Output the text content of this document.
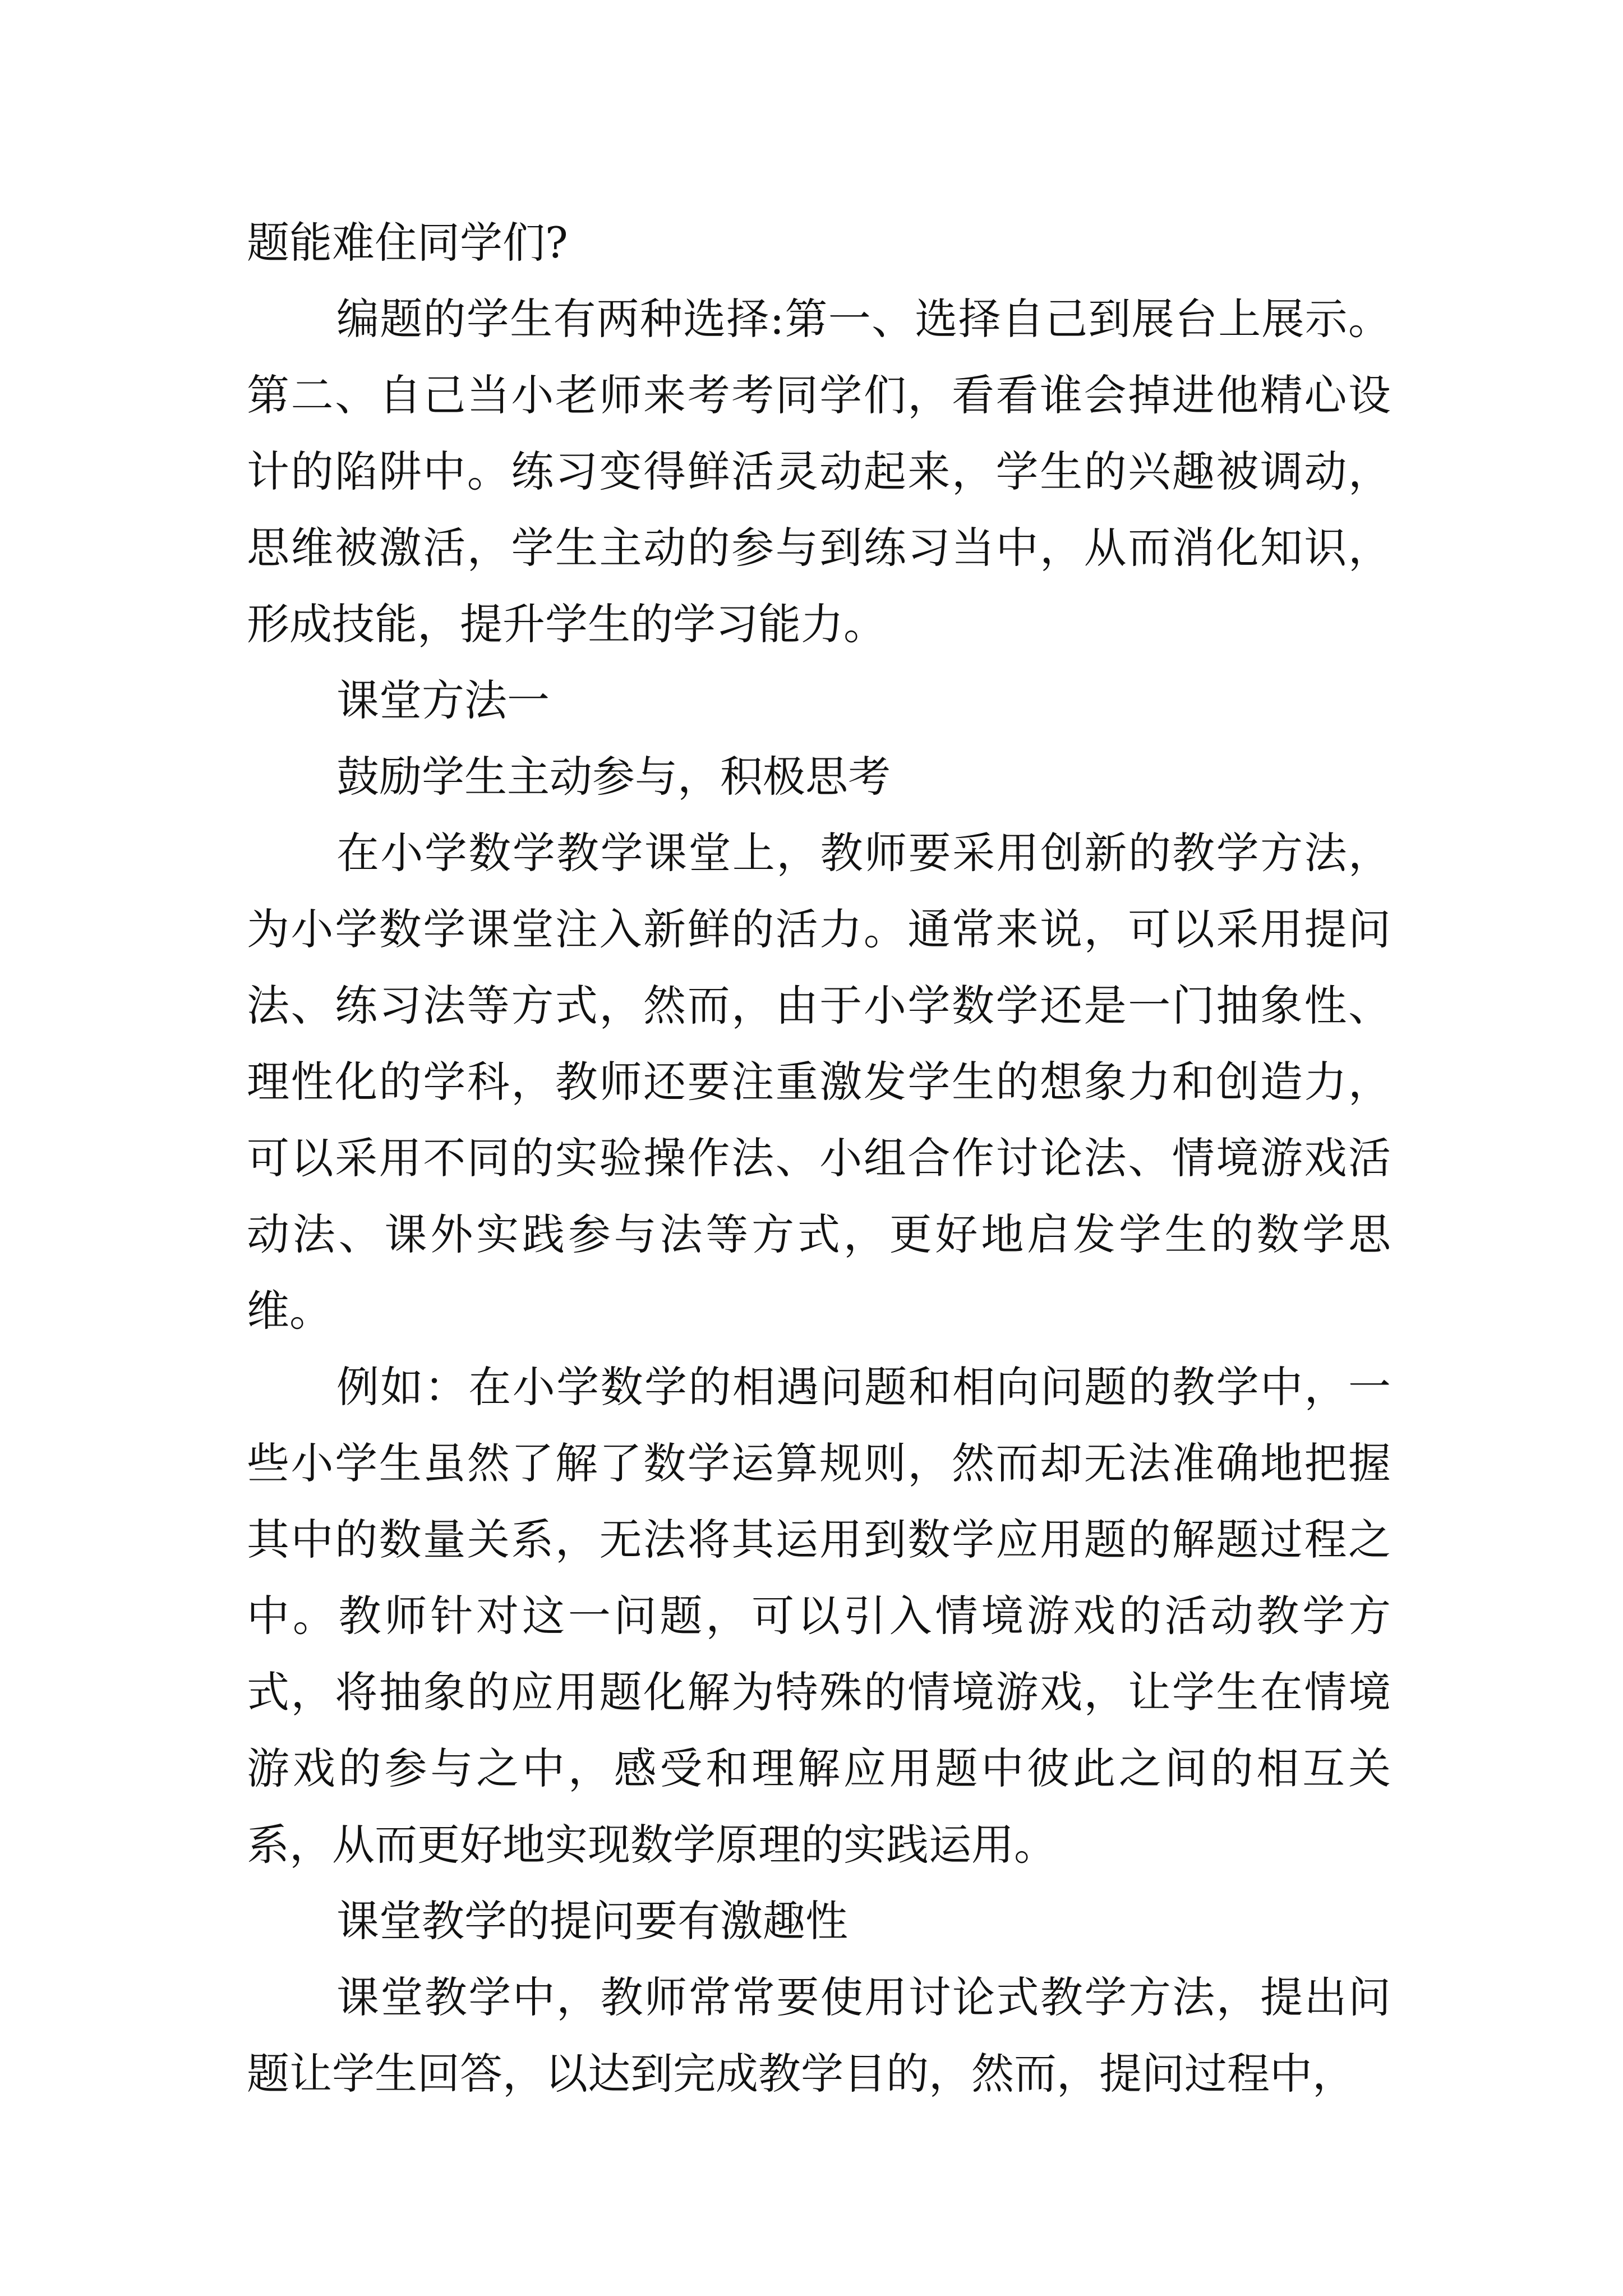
题能难住同学们?

编题的学生有两种选择:第一、选择自己到展台上展示。第二、自己当小老师来考考同学们，看看谁会掉进他精心设计的陷阱中。练习变得鲜活灵动起来，学生的兴趣被调动，思维被激活，学生主动的参与到练习当中，从而消化知识，形成技能，提升学生的学习能力。

课堂方法一

鼓励学生主动参与，积极思考

在小学数学教学课堂上，教师要采用创新的教学方法，为小学数学课堂注入新鲜的活力。通常来说，可以采用提问法、练习法等方式，然而，由于小学数学还是一门抽象性、理性化的学科，教师还要注重激发学生的想象力和创造力，可以采用不同的实验操作法、小组合作讨论法、情境游戏活动法、课外实践参与法等方式，更好地启发学生的数学思维。

例如：在小学数学的相遇问题和相向问题的教学中，一些小学生虽然了解了数学运算规则，然而却无法准确地把握其中的数量关系，无法将其运用到数学应用题的解题过程之中。教师针对这一问题，可以引入情境游戏的活动教学方式，将抽象的应用题化解为特殊的情境游戏，让学生在情境游戏的参与之中，感受和理解应用题中彼此之间的相互关系，从而更好地实现数学原理的实践运用。

课堂教学的提问要有激趣性

课堂教学中，教师常常要使用讨论式教学方法，提出问题让学生回答，以达到完成教学目的，然而，提问过程中，
